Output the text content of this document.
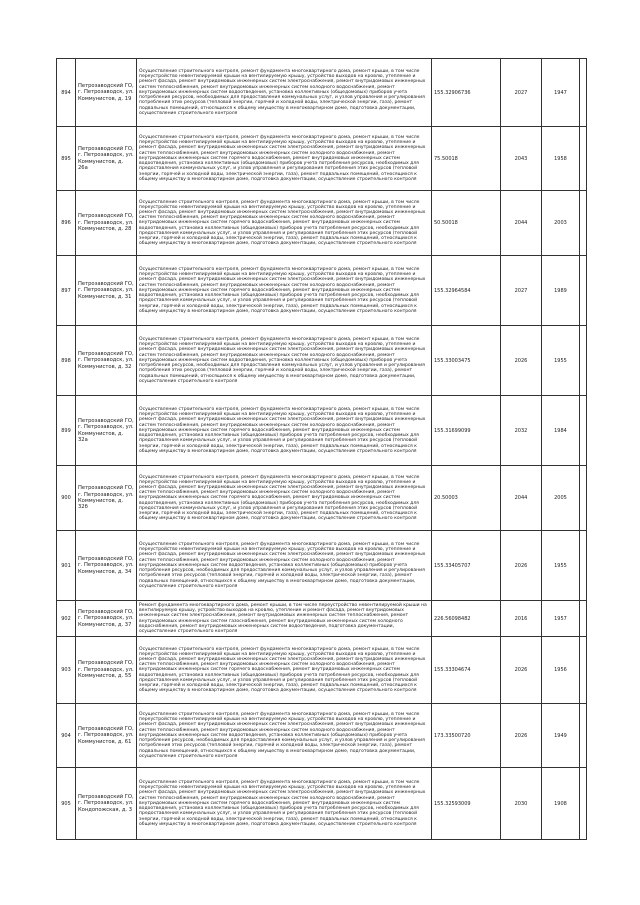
894	Петрозаводский ГО, г. Петрозаводск, ул. Коммунистов, д. 19	Осуществление строительного контроля, ремонт фундамента многоквартирного дома, ремонт крыши, в том числе переустройство невентилируемой крыши на вентилируемую крышу, устройство выходов на кровлю, утепление и ремонт фасада, ремонт внутридомовых инженерных систем электроснабжения, ремонт внутридомовых инженерных систем теплоснабжения, ремонт внутридомовых инженерных систем холодного водоснабжения, ремонт внутридомовых инженерных систем водоотведения, установка коллективных (общедомовых) приборов учета потребления ресурсов, необходимых для предоставления коммунальных услуг, и узлов управления и регулирования потребления этих ресурсов (тепловой энергии, горячей и холодной воды, электрической энергии, газа), ремонт подвальных помещений, относящихся к общему имуществу в многоквартирном доме, подготовка документации, осуществление строительного контроля	155.32906736	2027	1947	
895	Петрозаводский ГО, г. Петрозаводск, ул. Коммунистов, д. 26а	Осуществление строительного контроля, ремонт фундамента многоквартирного дома, ремонт крыши, в том числе переустройство невентилируемой крыши на вентилируемую крышу, устройство выходов на кровлю, утепление и ремонт фасада, ремонт внутридомовых инженерных систем электроснабжения, ремонт внутридомовых инженерных систем теплоснабжения, ремонт внутридомовых инженерных систем холодного водоснабжения, ремонт внутридомовых инженерных систем горячего водоснабжения, ремонт внутридомовых инженерных систем водоотведения, установка коллективных (общедомовых) приборов учета потребления ресурсов, необходимых для предоставления коммунальных услуг, и узлов управления и регулирования потребления этих ресурсов (тепловой энергии, горячей и холодной воды, электрической энергии, газа), ремонт подвальных помещений, относящихся к общему имуществу в многоквартирном доме, подготовка документации, осуществление строительного контроля	75.50018	2043	1958	
896	Петрозаводский ГО, г. Петрозаводск, ул. Коммунистов, д. 28	Осуществление строительного контроля, ремонт фундамента многоквартирного дома, ремонт крыши, в том числе переустройство невентилируемой крыши на вентилируемую крышу, устройство выходов на кровлю, утепление и ремонт фасада, ремонт внутридомовых инженерных систем электроснабжения, ремонт внутридомовых инженерных систем теплоснабжения, ремонт внутридомовых инженерных систем холодного водоснабжения, ремонт внутридомовых инженерных систем горячего водоснабжения, ремонт внутридомовых инженерных систем водоотведения, установка коллективных (общедомовых) приборов учета потребления ресурсов, необходимых для предоставления коммунальных услуг, и узлов управления и регулирования потребления этих ресурсов (тепловой энергии, горячей и холодной воды, электрической энергии, газа), ремонт подвальных помещений, относящихся к общему имуществу в многоквартирном доме, подготовка документации, осуществление строительного контроля	50.50018	2044	2003	
897	Петрозаводский ГО, г. Петрозаводск, ул. Коммунистов, д. 31	Осуществление строительного контроля, ремонт фундамента многоквартирного дома, ремонт крыши, в том числе переустройство невентилируемой крыши на вентилируемую крышу, устройство выходов на кровлю, утепление и ремонт фасада, ремонт внутридомовых инженерных систем электроснабжения, ремонт внутридомовых инженерных систем теплоснабжения, ремонт внутридомовых инженерных систем холодного водоснабжения, ремонт внутридомовых инженерных систем горячего водоснабжения, ремонт внутридомовых инженерных систем водоотведения, установка коллективных (общедомовых) приборов учета потребления ресурсов, необходимых для предоставления коммунальных услуг, и узлов управления и регулирования потребления этих ресурсов (тепловой энергии, горячей и холодной воды, электрической энергии, газа), ремонт подвальных помещений, относящихся к общему имуществу в многоквартирном доме, подготовка документации, осуществление строительного контроля	155.32964584	2027	1989	
898	Петрозаводский ГО, г. Петрозаводск, ул. Коммунистов, д. 32	Осуществление строительного контроля, ремонт фундамента многоквартирного дома, ремонт крыши, в том числе переустройство невентилируемой крыши на вентилируемую крышу, устройство выходов на кровлю, утепление и ремонт фасада, ремонт внутридомовых инженерных систем электроснабжения, ремонт внутридомовых инженерных систем теплоснабжения, ремонт внутридомовых инженерных систем холодного водоснабжения, ремонт внутридомовых инженерных систем водоотведения, установка коллективных (общедомовых) приборов учета потребления ресурсов, необходимых для предоставления коммунальных услуг, и узлов управления и регулирования потребления этих ресурсов (тепловой энергии, горячей и холодной воды, электрической энергии, газа), ремонт подвальных помещений, относящихся к общему имуществу в многоквартирном доме, подготовка документации, осуществление строительного контроля	155.33003475	2026	1955	
899	Петрозаводский ГО, г. Петрозаводск, ул. Коммунистов, д. 32а	Осуществление строительного контроля, ремонт фундамента многоквартирного дома, ремонт крыши, в том числе переустройство невентилируемой крыши на вентилируемую крышу, устройство выходов на кровлю, утепление и ремонт фасада, ремонт внутридомовых инженерных систем электроснабжения, ремонт внутридомовых инженерных систем теплоснабжения, ремонт внутридомовых инженерных систем холодного водоснабжения, ремонт внутридомовых инженерных систем горячего водоснабжения, ремонт внутридомовых инженерных систем водоотведения, установка коллективных (общедомовых) приборов учета потребления ресурсов, необходимых для предоставления коммунальных услуг, и узлов управления и регулирования потребления этих ресурсов (тепловой энергии, горячей и холодной воды, электрической энергии, газа), ремонт подвальных помещений, относящихся к общему имуществу в многоквартирном доме, подготовка документации, осуществление строительного контроля	155.31699099	2032	1984	
900	Петрозаводский ГО, г. Петрозаводск, ул. Коммунистов, д. 32б	Осуществление строительного контроля, ремонт фундамента многоквартирного дома, ремонт крыши, в том числе переустройство невентилируемой крыши на вентилируемую крышу, устройство выходов на кровлю, утепление и ремонт фасада, ремонт внутридомовых инженерных систем электроснабжения, ремонт внутридомовых инженерных систем теплоснабжения, ремонт внутридомовых инженерных систем холодного водоснабжения, ремонт внутридомовых инженерных систем горячего водоснабжения, ремонт внутридомовых инженерных систем водоотведения, установка коллективных (общедомовых) приборов учета потребления ресурсов, необходимых для предоставления коммунальных услуг, и узлов управления и регулирования потребления этих ресурсов (тепловой энергии, горячей и холодной воды, электрической энергии, газа), ремонт подвальных помещений, относящихся к общему имуществу в многоквартирном доме, подготовка документации, осуществление строительного контроля	20.50003	2044	2005	
901	Петрозаводский ГО, г. Петрозаводск, ул. Коммунистов, д. 34	Осуществление строительного контроля, ремонт фундамента многоквартирного дома, ремонт крыши, в том числе переустройство невентилируемой крыши на вентилируемую крышу, устройство выходов на кровлю, утепление и ремонт фасада, ремонт внутридомовых инженерных систем электроснабжения, ремонт внутридомовых инженерных систем теплоснабжения, ремонт внутридомовых инженерных систем холодного водоснабжения, ремонт внутридомовых инженерных систем водоотведения, установка коллективных (общедомовых) приборов учета потребления ресурсов, необходимых для предоставления коммунальных услуг, и узлов управления и регулирования потребления этих ресурсов (тепловой энергии, горячей и холодной воды, электрической энергии, газа), ремонт подвальных помещений, относящихся к общему имуществу в многоквартирном доме, подготовка документации, осуществление строительного контроля	155.33405707	2026	1955	
902	Петрозаводский ГО, г. Петрозаводск, ул. Коммунистов, д. 37	Ремонт фундамента многоквартирного дома, ремонт крыши, в том числе переустройство невентилируемой крыши на вентилируемую крышу, устройство выходов на кровлю, утепление и ремонт фасада, ремонт внутридомовых инженерных систем электроснабжения, ремонт внутридомовых инженерных систем теплоснабжения, ремонт внутридомовых инженерных систем газоснабжения, ремонт внутридомовых инженерных систем холодного водоснабжения, ремонт внутридомовых инженерных систем водоотведения, подготовка документации, осуществление строительного контроля	226.56098482	2016	1957	
903	Петрозаводский ГО, г. Петрозаводск, ул. Коммунистов, д. 55	Осуществление строительного контроля, ремонт фундамента многоквартирного дома, ремонт крыши, в том числе переустройство невентилируемой крыши на вентилируемую крышу, устройство выходов на кровлю, утепление и ремонт фасада, ремонт внутридомовых инженерных систем электроснабжения, ремонт внутридомовых инженерных систем теплоснабжения, ремонт внутридомовых инженерных систем холодного водоснабжения, ремонт внутридомовых инженерных систем горячего водоснабжения, ремонт внутридомовых инженерных систем водоотведения, установка коллективных (общедомовых) приборов учета потребления ресурсов, необходимых для предоставления коммунальных услуг, и узлов управления и регулирования потребления этих ресурсов (тепловой энергии, горячей и холодной воды, электрической энергии, газа), ремонт подвальных помещений, относящихся к общему имуществу в многоквартирном доме, подготовка документации, осуществление строительного контроля	155.33304674	2026	1956	
904	Петрозаводский ГО, г. Петрозаводск, ул. Коммунистов, д. 61	Осуществление строительного контроля, ремонт фундамента многоквартирного дома, ремонт крыши, в том числе переустройство невентилируемой крыши на вентилируемую крышу, устройство выходов на кровлю, утепление и ремонт фасада, ремонт внутридомовых инженерных систем электроснабжения, ремонт внутридомовых инженерных систем теплоснабжения, ремонт внутридомовых инженерных систем холодного водоснабжения, ремонт внутридомовых инженерных систем водоотведения, установка коллективных (общедомовых) приборов учета потребления ресурсов, необходимых для предоставления коммунальных услуг, и узлов управления и регулирования потребления этих ресурсов (тепловой энергии, горячей и холодной воды, электрической энергии, газа), ремонт подвальных помещений, относящихся к общему имуществу в многоквартирном доме, подготовка документации, осуществление строительного контроля	173.33500720	2026	1949	
905	Петрозаводский ГО, г. Петрозаводск, ул. Кондопожская, д. 3	Осуществление строительного контроля, ремонт фундамента многоквартирного дома, ремонт крыши, в том числе переустройство невентилируемой крыши на вентилируемую крышу, устройство выходов на кровлю, утепление и ремонт фасада, ремонт внутридомовых инженерных систем электроснабжения, ремонт внутридомовых инженерных систем теплоснабжения, ремонт внутридомовых инженерных систем холодного водоснабжения, ремонт внутридомовых инженерных систем горячего водоснабжения, ремонт внутридомовых инженерных систем водоотведения, установка коллективных (общедомовых) приборов учета потребления ресурсов, необходимых для предоставления коммунальных услуг, и узлов управления и регулирования потребления этих ресурсов (тепловой энергии, горячей и холодной воды, электрической энергии, газа), ремонт подвальных помещений, относящихся к общему имуществу в многоквартирном доме, подготовка документации, осуществление строительного контроля	155.32593009	2030	1908	
